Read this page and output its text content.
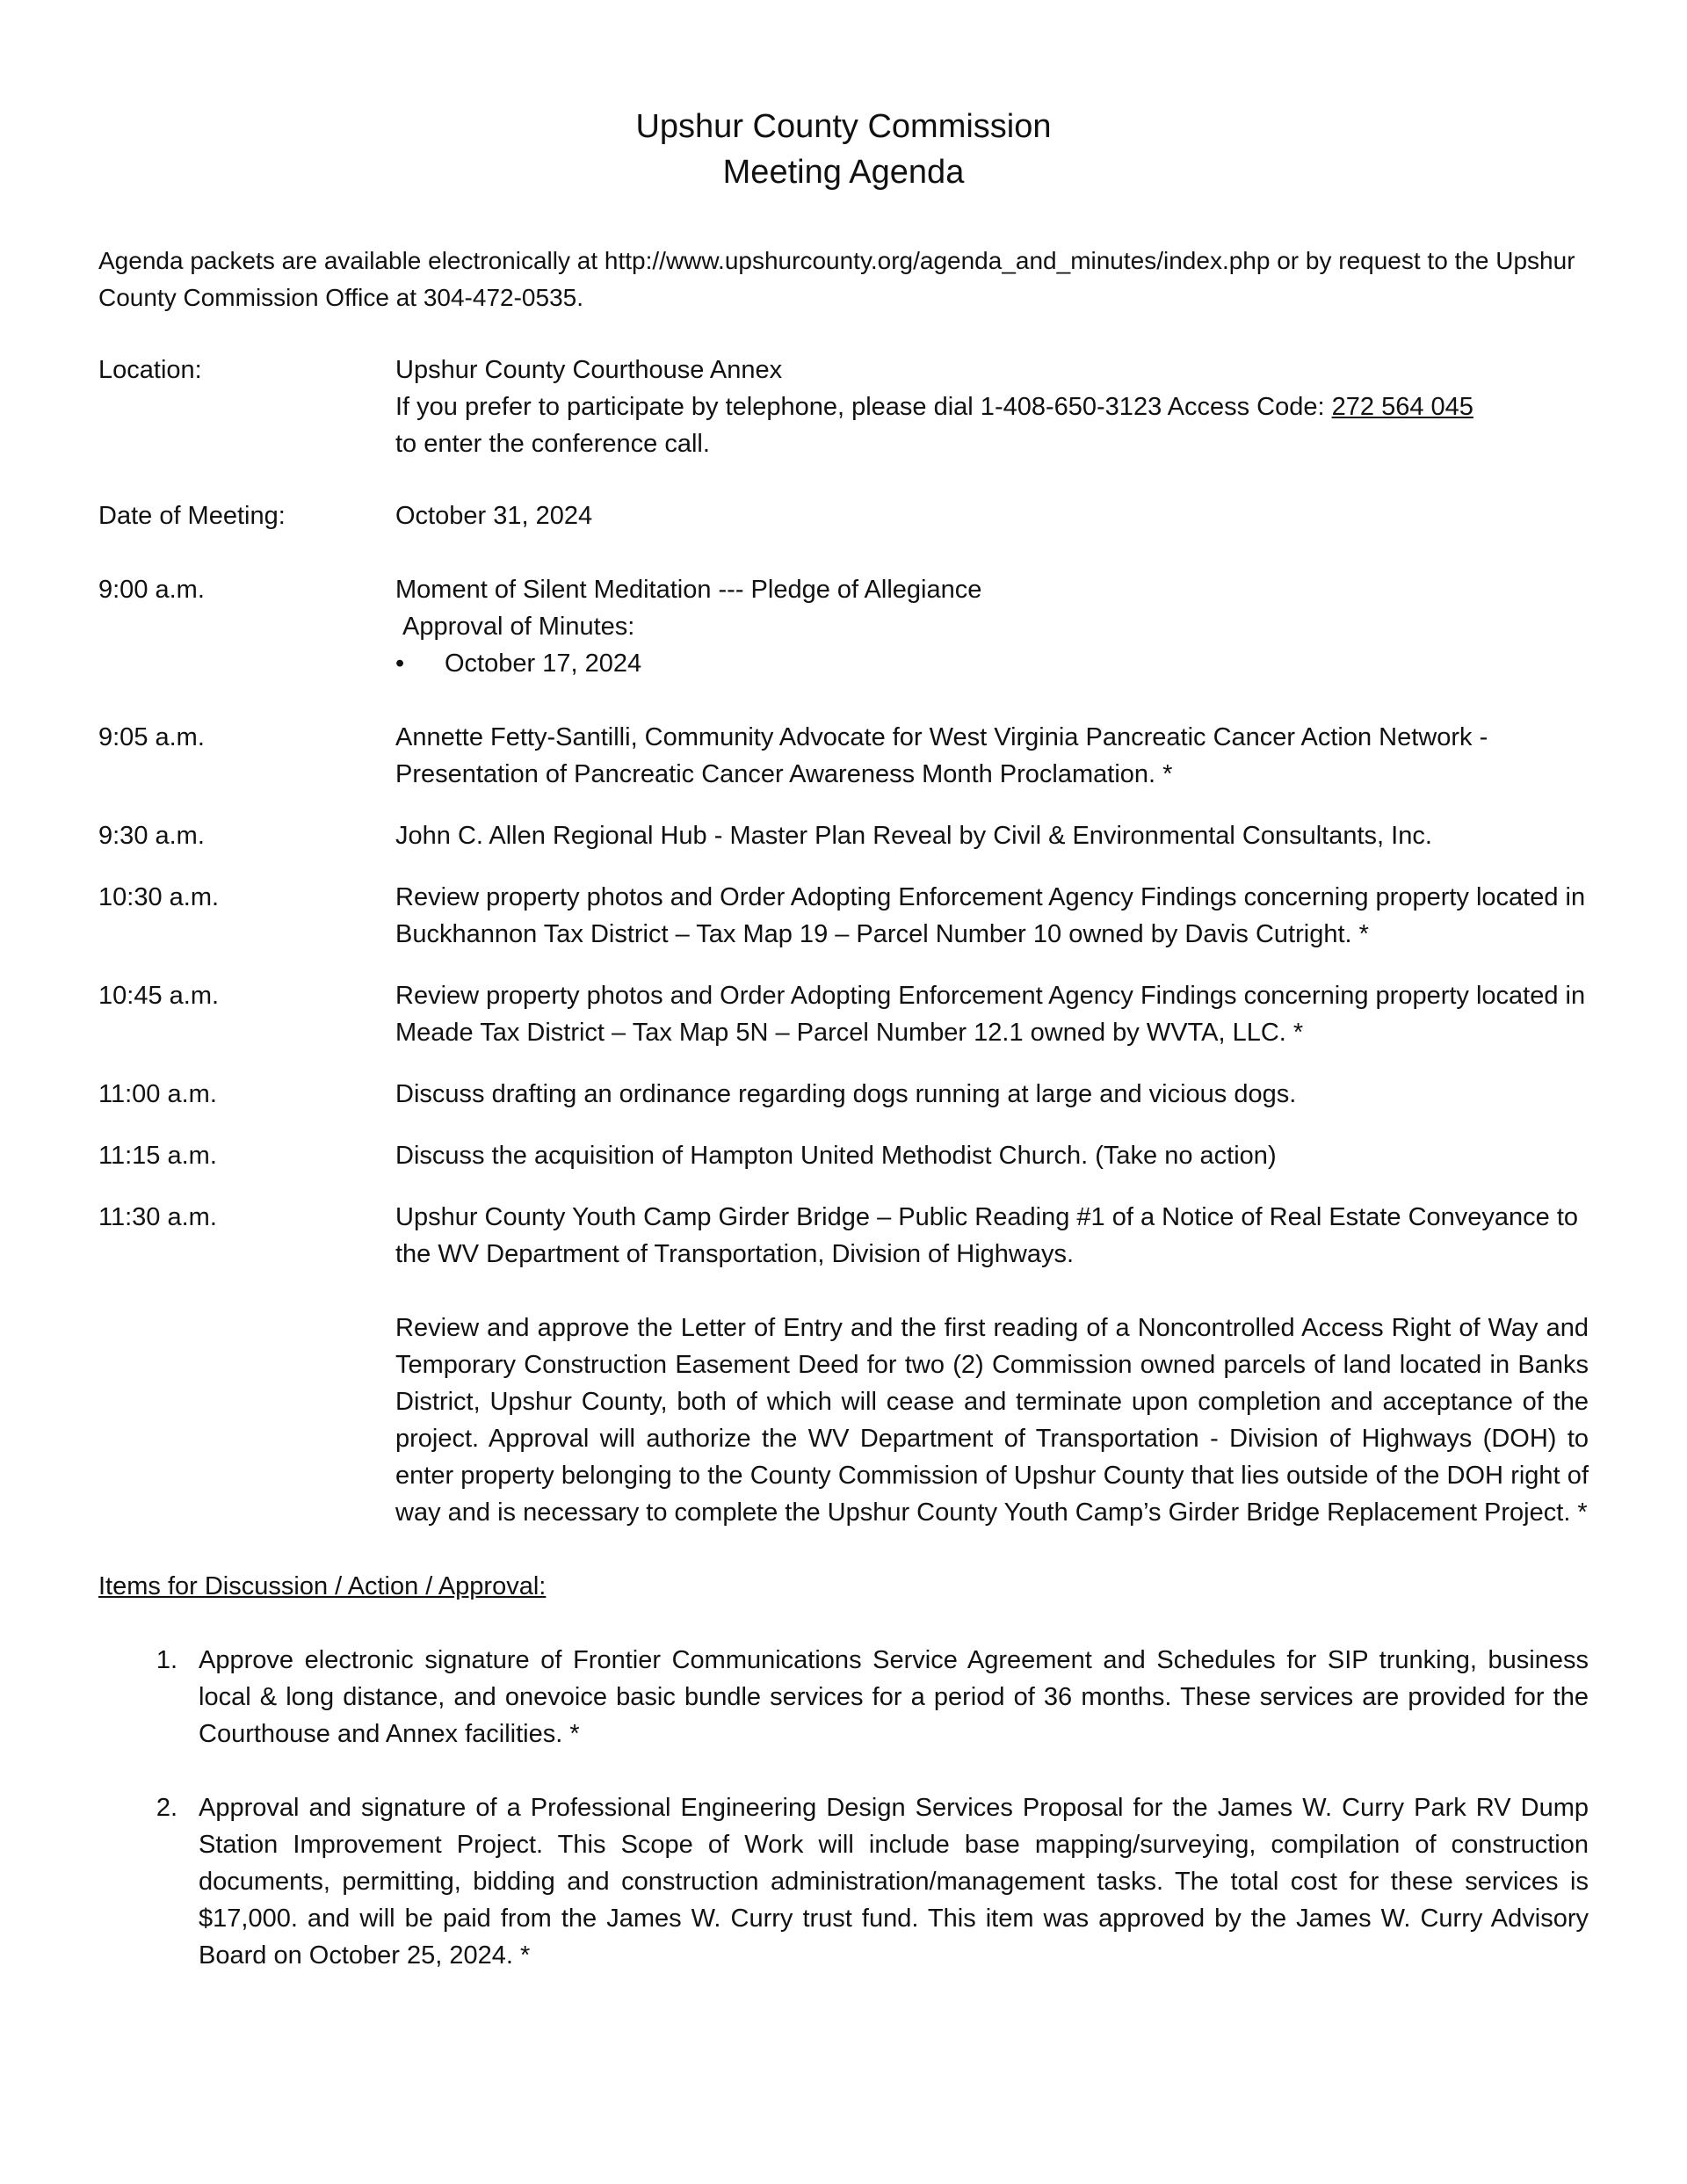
Upshur County Commission

Meeting Agenda

Agenda packets are available electronically at http://www.upshurcounty.org/agenda_and_minutes/index.php or by request to the Upshur County Commission Office at 304-472-0535.

Location:	Upshur County Courthouse Annex
If you prefer to participate by telephone, please dial 1-408-650-3123 Access Code: 272 564 045
to enter the conference call.
Date of Meeting:	October 31, 2024
9:00 a.m.	Moment of Silent Meditation --- Pledge of Allegiance
Approval of Minutes:
•	October 17, 2024
9:05 a.m.	Annette Fetty-Santilli, Community Advocate for West Virginia Pancreatic Cancer Action Network - Presentation of Pancreatic Cancer Awareness Month Proclamation. *
9:30 a.m.	John C. Allen Regional Hub - Master Plan Reveal by Civil & Environmental Consultants, Inc.
10:30 a.m.	Review property photos and Order Adopting Enforcement Agency Findings concerning property located in Buckhannon Tax District – Tax Map 19 – Parcel Number 10 owned by Davis Cutright. *
10:45 a.m.	Review property photos and Order Adopting Enforcement Agency Findings concerning property located in Meade Tax District – Tax Map 5N – Parcel Number 12.1 owned by WVTA, LLC. *
11:00 a.m.	Discuss drafting an ordinance regarding dogs running at large and vicious dogs.
11:15 a.m.	Discuss the acquisition of Hampton United Methodist Church. (Take no action)
11:30 a.m.	Upshur County Youth Camp Girder Bridge – Public Reading #1 of a Notice of Real Estate Conveyance to the WV Department of Transportation, Division of Highways.
Review and approve the Letter of Entry and the first reading of a Noncontrolled Access Right of Way and Temporary Construction Easement Deed for two (2) Commission owned parcels of land located in Banks District, Upshur County, both of which will cease and terminate upon completion and acceptance of the project. Approval will authorize the WV Department of Transportation - Division of Highways (DOH) to enter property belonging to the County Commission of Upshur County that lies outside of the DOH right of way and is necessary to complete the Upshur County Youth Camp’s Girder Bridge Replacement Project. *

Items for Discussion / Action / Approval:

1. Approve electronic signature of Frontier Communications Service Agreement and Schedules for SIP trunking, business local & long distance, and onevoice basic bundle services for a period of 36 months. These services are provided for the Courthouse and Annex facilities. *
2. Approval and signature of a Professional Engineering Design Services Proposal for the James W. Curry Park RV Dump Station Improvement Project. This Scope of Work will include base mapping/surveying, compilation of construction documents, permitting, bidding and construction administration/management tasks. The total cost for these services is $17,000. and will be paid from the James W. Curry trust fund. This item was approved by the James W. Curry Advisory Board on October 25, 2024. *
